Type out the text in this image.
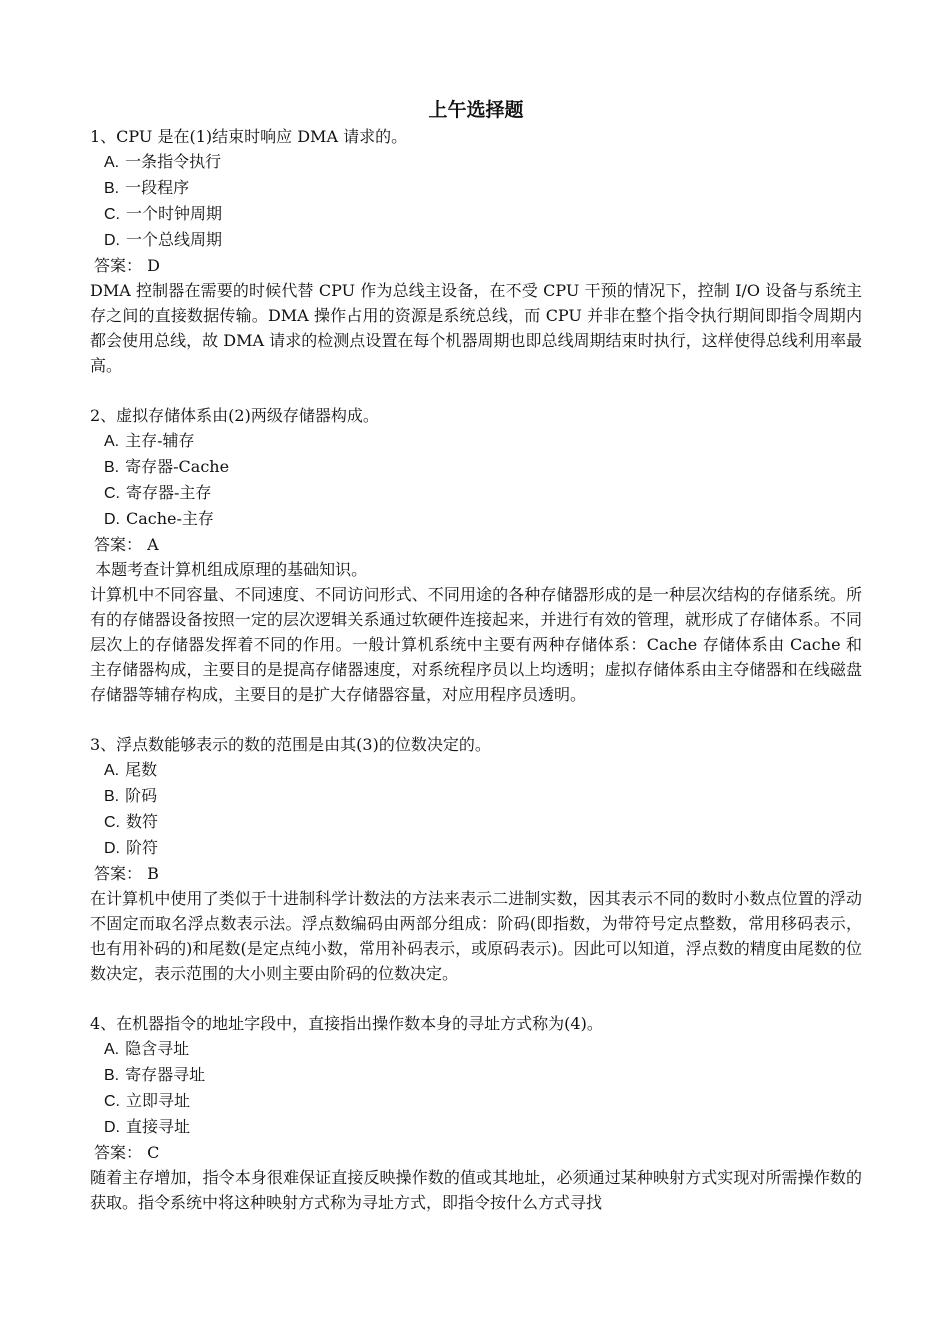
上午选择题

1、CPU 是在(1)结束时响应 DMA 请求的。

A. 一条指令执行

B. 一段程序

C. 一个时钟周期

D. 一个总线周期

答案： D

DMA 控制器在需要的时候代替 CPU 作为总线主设备，在不受 CPU 干预的情况下，控制 I/O 设备与系统主存之间的直接数据传输。DMA 操作占用的资源是系统总线，而 CPU 并非在整个指令执行期间即指令周期内都会使用总线，故 DMA 请求的检测点设置在每个机器周期也即总线周期结束时执行，这样使得总线利用率最高。

2、虚拟存储体系由(2)两级存储器构成。

A. 主存-辅存

B. 寄存器-Cache

C. 寄存器-主存

D. Cache-主存

答案： A

本题考查计算机组成原理的基础知识。

计算机中不同容量、不同速度、不同访问形式、不同用途的各种存储器形成的是一种层次结构的存储系统。所有的存储器设备按照一定的层次逻辑关系通过软硬件连接起来，并进行有效的管理，就形成了存储体系。不同层次上的存储器发挥着不同的作用。一般计算机系统中主要有两种存储体系：Cache 存储体系由 Cache 和主存储器构成，主要目的是提高存储器速度，对系统程序员以上均透明；虚拟存储体系由主夺储器和在线磁盘存储器等辅存构成，主要目的是扩大存储器容量，对应用程序员透明。

3、浮点数能够表示的数的范围是由其(3)的位数决定的。

A. 尾数

B. 阶码

C. 数符

D. 阶符

答案： B

在计算机中使用了类似于十进制科学计数法的方法来表示二进制实数，因其表示不同的数时小数点位置的浮动不固定而取名浮点数表示法。浮点数编码由两部分组成：阶码(即指数，为带符号定点整数，常用移码表示，也有用补码的)和尾数(是定点纯小数，常用补码表示，或原码表示)。因此可以知道，浮点数的精度由尾数的位数决定，表示范围的大小则主要由阶码的位数决定。

4、在机器指令的地址字段中，直接指出操作数本身的寻址方式称为(4)。

A. 隐含寻址

B. 寄存器寻址

C. 立即寻址

D. 直接寻址

答案： C

随着主存增加，指令本身很难保证直接反映操作数的值或其地址，必须通过某种映射方式实现对所需操作数的获取。指令系统中将这种映射方式称为寻址方式，即指令按什么方式寻找
